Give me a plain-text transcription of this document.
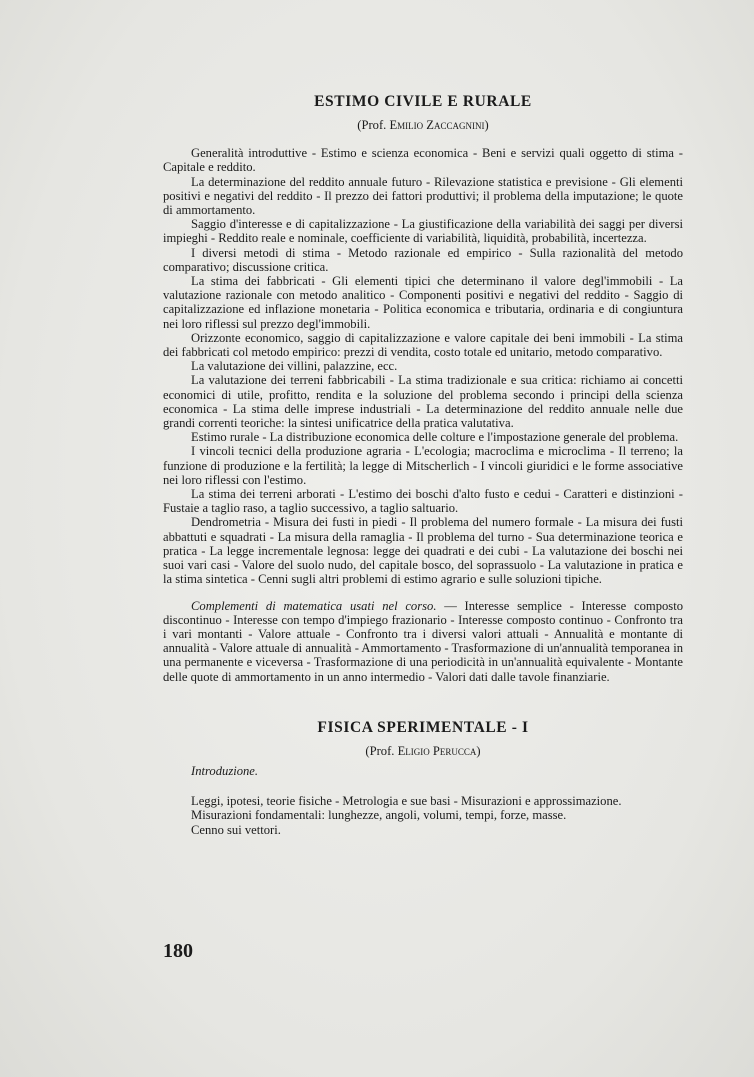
ESTIMO CIVILE E RURALE
(Prof. Emilio Zaccagnini)

Generalità introduttive - Estimo e scienza economica - Beni e servizi quali oggetto di stima - Capitale e reddito.

La determinazione del reddito annuale futuro - Rilevazione statistica e previsione - Gli elementi positivi e negativi del reddito - Il prezzo dei fattori produttivi; il problema della imputazione; le quote di ammortamento.

Saggio d'interesse e di capitalizzazione - La giustificazione della variabilità dei saggi per diversi impieghi - Reddito reale e nominale, coefficiente di variabilità, liquidità, probabilità, incertezza.

I diversi metodi di stima - Metodo razionale ed empirico - Sulla razionalità del metodo comparativo; discussione critica.

La stima dei fabbricati - Gli elementi tipici che determinano il valore degl'immobili - La valutazione razionale con metodo analitico - Componenti positivi e negativi del reddito - Saggio di capitalizzazione ed inflazione monetaria - Politica economica e tributaria, ordinaria e di congiuntura nei loro riflessi sul prezzo degl'immobili.

Orizzonte economico, saggio di capitalizzazione e valore capitale dei beni immobili - La stima dei fabbricati col metodo empirico: prezzi di vendita, costo totale ed unitario, metodo comparativo.

La valutazione dei villini, palazzine, ecc.

La valutazione dei terreni fabbricabili - La stima tradizionale e sua critica: richiamo ai concetti economici di utile, profitto, rendita e la soluzione del problema secondo i principi della scienza economica - La stima delle imprese industriali - La determinazione del reddito annuale nelle due grandi correnti teoriche: la sintesi unificatrice della pratica valutativa.

Estimo rurale - La distribuzione economica delle colture e l'impostazione generale del problema.

I vincoli tecnici della produzione agraria - L'ecologia; macroclima e microclima - Il terreno; la funzione di produzione e la fertilità; la legge di Mitscherlich - I vincoli giuridici e le forme associative nei loro riflessi con l'estimo.

La stima dei terreni arborati - L'estimo dei boschi d'alto fusto e cedui - Caratteri e distinzioni - Fustaie a taglio raso, a taglio successivo, a taglio saltuario.

Dendrometria - Misura dei fusti in piedi - Il problema del numero formale - La misura dei fusti abbattuti e squadrati - La misura della ramaglia - Il problema del turno - Sua determinazione teorica e pratica - La legge incrementale legnosa: legge dei quadrati e dei cubi - La valutazione dei boschi nei suoi vari casi - Valore del suolo nudo, del capitale bosco, del soprassuolo - La valutazione in pratica e la stima sintetica - Cenni sugli altri problemi di estimo agrario e sulle soluzioni tipiche.

Complementi di matematica usati nel corso. — Interesse semplice - Interesse composto discontinuo - Interesse con tempo d'impiego frazionario - Interesse composto continuo - Confronto tra i vari montanti - Valore attuale - Confronto tra i diversi valori attuali - Annualità e montante di annualità - Valore attuale di annualità - Ammortamento - Trasformazione di un'annualità temporanea in una permanente e viceversa - Trasformazione di una periodicità in un'annualità equivalente - Montante delle quote di ammortamento in un anno intermedio - Valori dati dalle tavole finanziarie.

FISICA SPERIMENTALE - I
(Prof. Eligio Perucca)
Introduzione.

Leggi, ipotesi, teorie fisiche - Metrologia e sue basi - Misurazioni e approssimazione.

Misurazioni fondamentali: lunghezze, angoli, volumi, tempi, forze, masse.

Cenno sui vettori.

180
